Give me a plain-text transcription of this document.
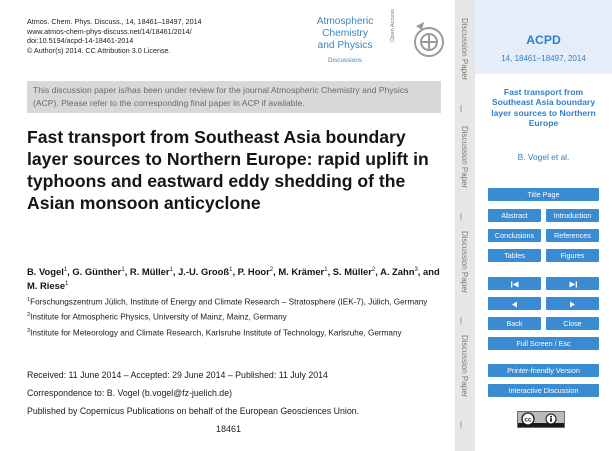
Atmos. Chem. Phys. Discuss., 14, 18461–18497, 2014
www.atmos-chem-phys-discuss.net/14/18461/2014/
doi:10.5194/acpd-14-18461-2014
© Author(s) 2014. CC Attribution 3.0 License.
Atmospheric
Chemistry
and Physics
Discussions
Open Access
This discussion paper is/has been under review for the journal Atmospheric Chemistry and Physics (ACP). Please refer to the corresponding final paper in ACP if available.
Fast transport from Southeast Asia boundary layer sources to Northern Europe: rapid uplift in typhoons and eastward eddy shedding of the Asian monsoon anticyclone
B. Vogel$^1$, G. Günther$^1$, R. Müller$^1$, J.-U. Grooß$^1$, P. Hoor$^2$, M. Krämer$^1$, S. Müller$^2$, A. Zahn$^3$, and M. Riese$^1$
$^1$Forschungszentrum Jülich, Institute of Energy and Climate Research – Stratosphere (IEK-7), Jülich, Germany
$^2$Institute for Atmospheric Physics, University of Mainz, Mainz, Germany
$^3$Institute for Meteorology and Climate Research, Karlsruhe Institute of Technology, Karlsruhe, Germany
Received: 11 June 2014 – Accepted: 29 June 2014 – Published: 11 July 2014
Correspondence to: B. Vogel (b.vogel@fz-juelich.de)
Published by Copernicus Publications on behalf of the European Geosciences Union.
18461
Discussion Paper
|
Discussion Paper
|
Discussion Paper
|
Discussion Paper
|
ACPD
14, 18461–18497, 2014
Fast transport from Southeast Asia boundary layer sources to Northern Europe
B. Vogel et al.
Title Page
Abstract	Introduction
Conclusions	References
Tables	Figures
Back	Close
Full Screen / Esc
Printer-friendly Version
Interactive Discussion
cc
